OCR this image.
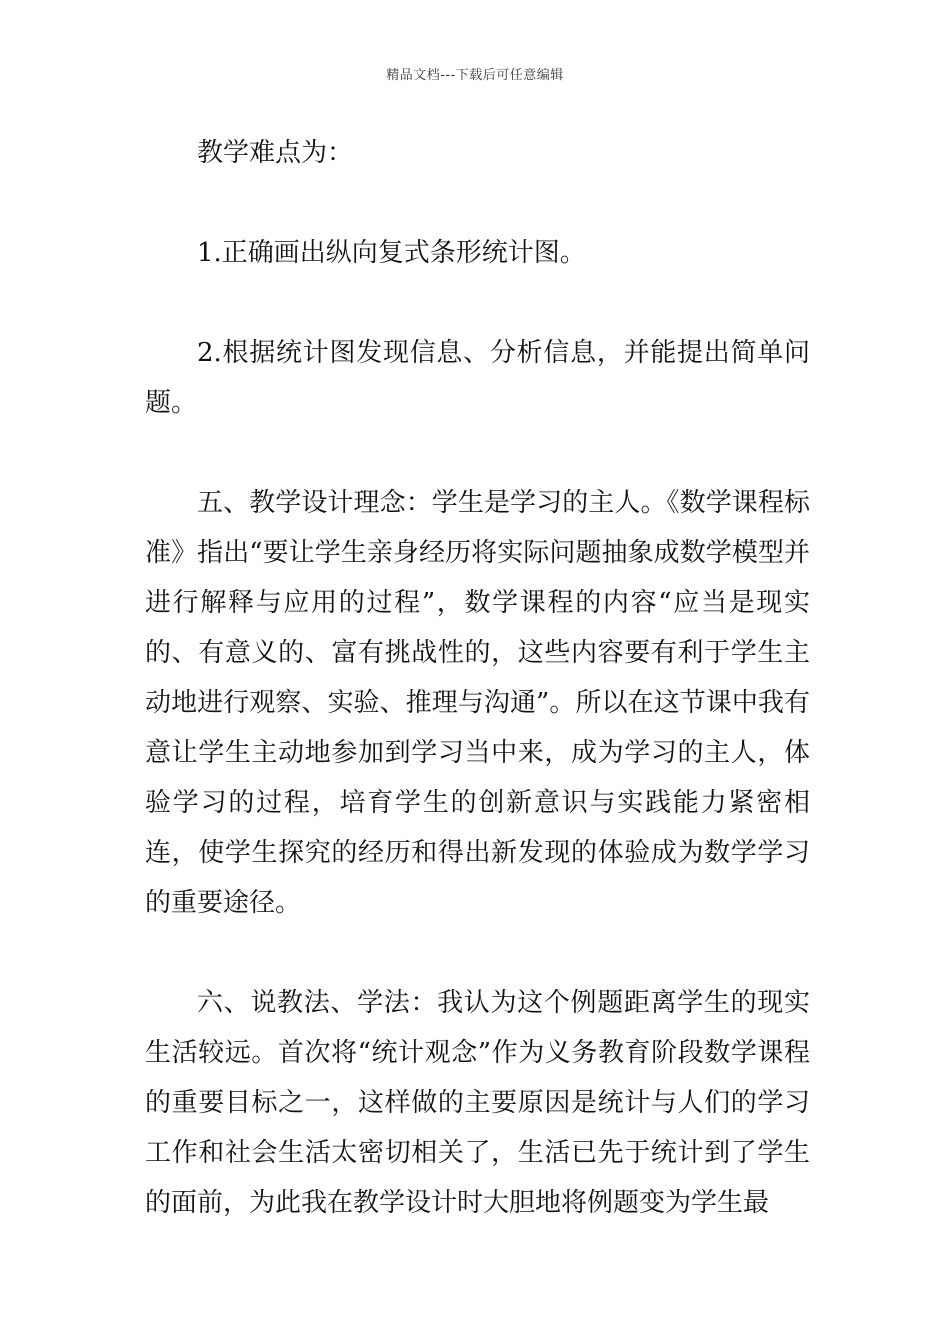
精品文档---下载后可任意编辑

教学难点为：

1.正确画出纵向复式条形统计图。

2.根据统计图发现信息、分析信息，并能提出简单问题。

五、教学设计理念：学生是学习的主人。《数学课程标准》指出“要让学生亲身经历将实际问题抽象成数学模型并进行解释与应用的过程”，数学课程的内容“应当是现实的、有意义的、富有挑战性的，这些内容要有利于学生主动地进行观察、实验、推理与沟通”。所以在这节课中我有意让学生主动地参加到学习当中来，成为学习的主人，体验学习的过程，培育学生的创新意识与实践能力紧密相连，使学生探究的经历和得出新发现的体验成为数学学习的重要途径。

六、说教法、学法：我认为这个例题距离学生的现实生活较远。首次将“统计观念”作为义务教育阶段数学课程的重要目标之一，这样做的主要原因是统计与人们的学习工作和社会生活太密切相关了，生活已先于统计到了学生的面前，为此我在教学设计时大胆地将例题变为学生最
